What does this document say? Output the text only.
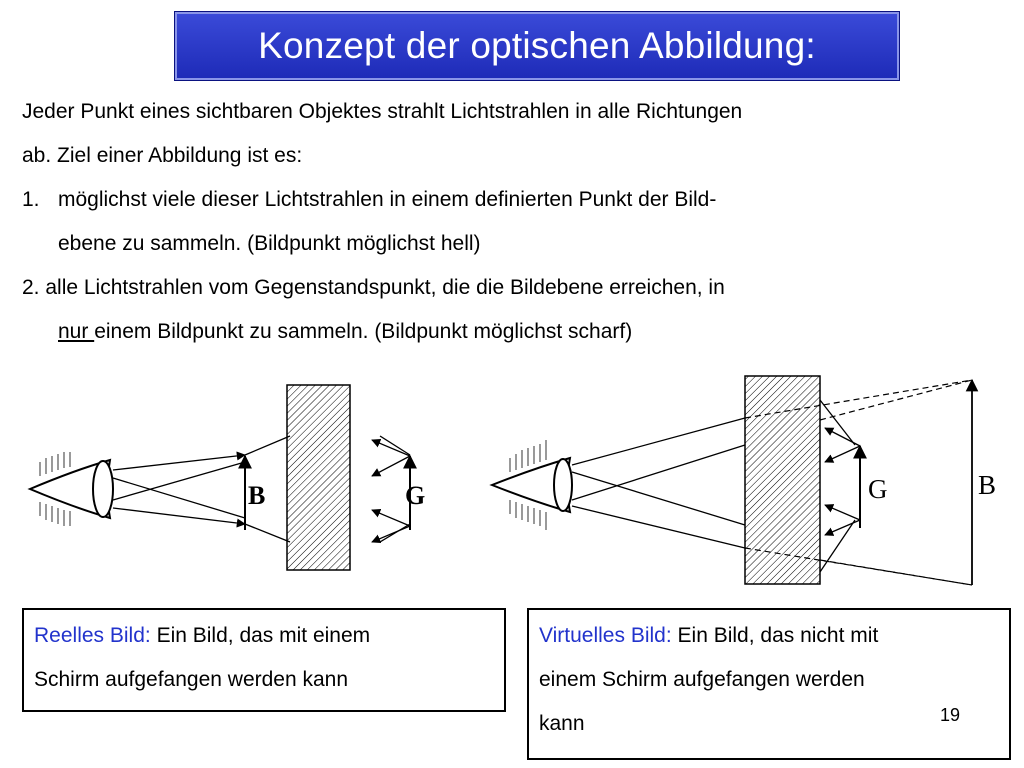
Konzept der optischen Abbildung:
Jeder Punkt eines sichtbaren Objektes strahlt Lichtstrahlen in alle Richtungen
ab. Ziel einer Abbildung ist es:
1. möglichst viele dieser Lichtstrahlen in einem definierten Punkt der Bild-
ebene zu sammeln. (Bildpunkt möglichst hell)
2. alle Lichtstrahlen vom Gegenstandspunkt, die die Bildebene erreichen, in
nur einem Bildpunkt zu sammeln. (Bildpunkt möglichst scharf)
B	G	G	B
Reelles Bild: Ein Bild, das mit einem
Schirm aufgefangen werden kann
Virtuelles Bild: Ein Bild, das nicht mit
einem Schirm aufgefangen werden
kann	19
